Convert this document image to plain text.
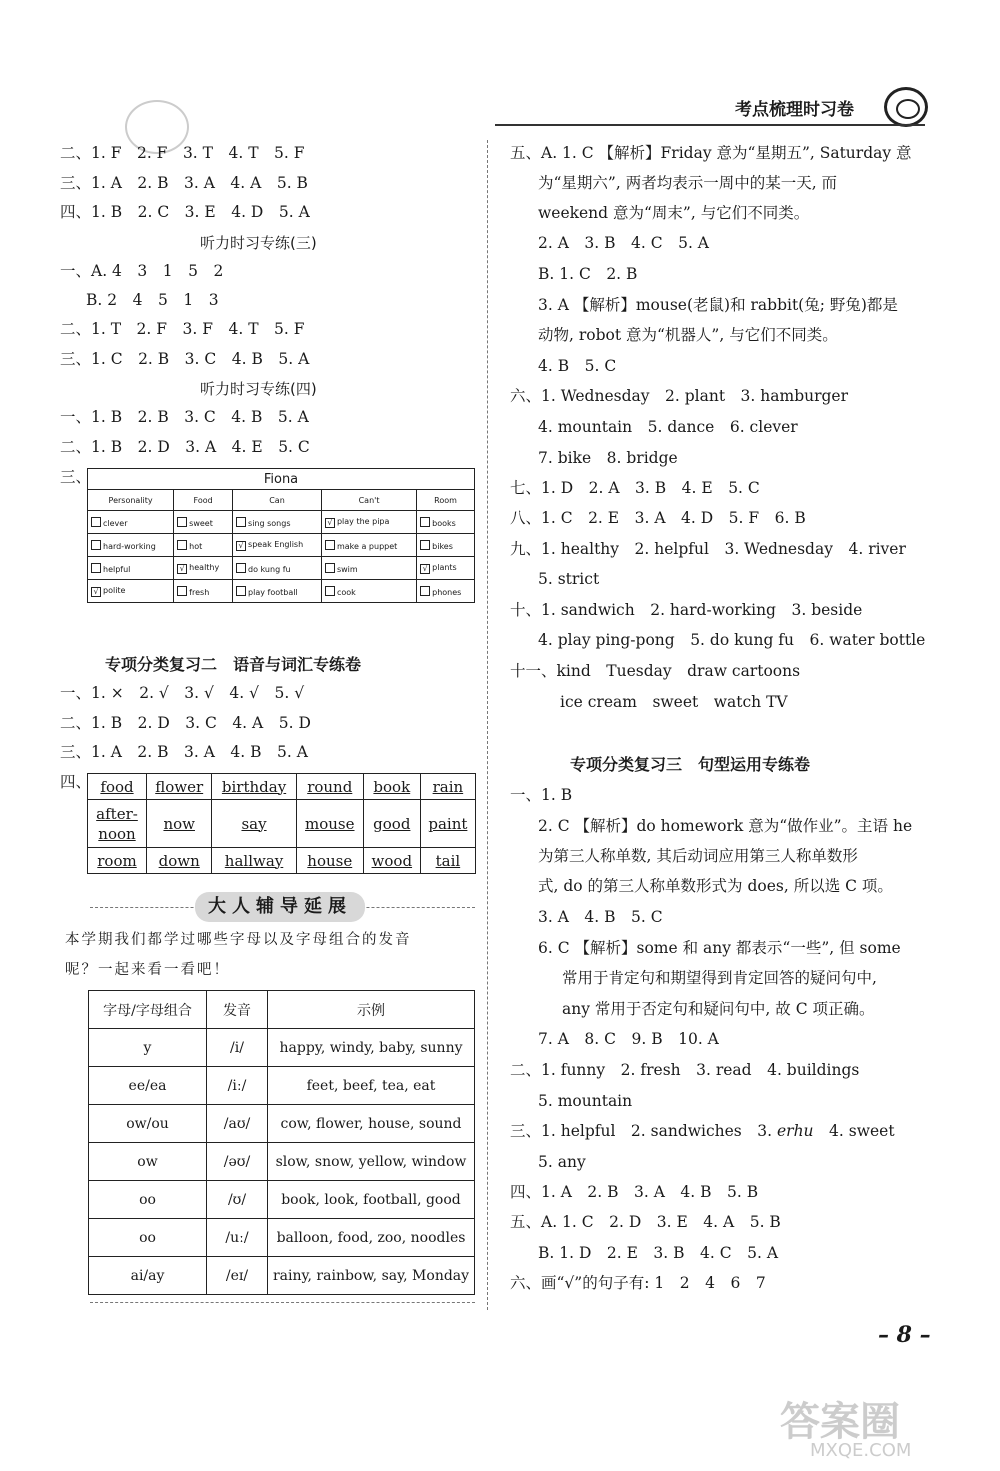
考点梳理时习卷
二、1. F　2. F　3. T　4. T　5. F
三、1. A　2. B　3. A　4. A　5. B
四、1. B　2. C　3. E　4. D　5. A
听力时习专练(三)
一、A. 4　3　1　5　2
B. 2　4　5　1　3
二、1. T　2. F　3. F　4. T　5. F
三、1. C　2. B　3. C　4. B　5. A
听力时习专练(四)
一、1. B　2. B　3. C　4. B　5. A
二、1. B　2. D　3. A　4. E　5. C
三、	Fiona				
Personality	Food	Can	Can't	Room
clever	sweet	sing songs	√ play the pipa	books
hard-working	hot	√ speak English	make a puppet	bikes
helpful	√ healthy	do kung fu	swim	√ plants
√ polite	fresh	play football	cook	phones
专项分类复习二　语音与词汇专练卷
一、1. ×　2. √　3. √　4. √　5. √
二、1. B　2. D　3. C　4. A　5. D
三、1. A　2. B　3. A　4. B　5. A
四、 food	flower	birthday	round	book	rain
after-noon	now	say	mouse	good	paint
room	down	hallway	house	wood	tail
大人辅导延展
本学期我们都学过哪些字母以及字母组合的发音
呢？一起来看一看吧！
字母/字母组合	发音	示例
y	/i/	happy, windy, baby, sunny
ee/ea	/iː/	feet, beef, tea, eat
ow/ou	/aʊ/	cow, flower, house, sound
ow	/əʊ/	slow, snow, yellow, window
oo	/ʊ/	book, look, football, good
oo	/uː/	balloon, food, zoo, noodles
ai/ay	/eɪ/	rainy, rainbow, say, Monday
五、A. 1. C 【解析】Friday 意为“星期五”, Saturday 意
为“星期六”, 两者均表示一周中的某一天, 而
weekend 意为“周末”, 与它们不同类。
2. A　3. B　4. C　5. A
B. 1. C　2. B
3. A 【解析】mouse(老鼠)和 rabbit(兔; 野兔)都是
动物, robot 意为“机器人”, 与它们不同类。
4. B　5. C
六、1. Wednesday　2. plant　3. hamburger
4. mountain　5. dance　6. clever
7. bike　8. bridge
七、1. D　2. A　3. B　4. E　5. C
八、1. C　2. E　3. A　4. D　5. F　6. B
九、1. healthy　2. helpful　3. Wednesday　4. river
5. strict
十、1. sandwich　2. hard-working　3. beside
4. play ping-pong　5. do kung fu　6. water bottle
十一、kind　Tuesday　draw cartoons
ice cream　sweet　watch TV
专项分类复习三　句型运用专练卷
一、1. B
2. C 【解析】do homework 意为“做作业”。主语 he
为第三人称单数, 其后动词应用第三人称单数形
式, do 的第三人称单数形式为 does, 所以选 C 项。
3. A　4. B　5. C
6. C 【解析】some 和 any 都表示“一些”, 但 some
常用于肯定句和期望得到肯定回答的疑问句中,
any 常用于否定句和疑问句中, 故 C 项正确。
7. A　8. C　9. B　10. A
二、1. funny　2. fresh　3. read　4. buildings
5. mountain
三、1. helpful　2. sandwiches　3. erhu　4. sweet
5. any
四、1. A　2. B　3. A　4. B　5. B
五、A. 1. C　2. D　3. E　4. A　5. B
B. 1. D　2. E　3. B　4. C　5. A
六、画“√”的句子有: 1　2　4　6　7
– 8 –
答案圈
MXQE.COM
